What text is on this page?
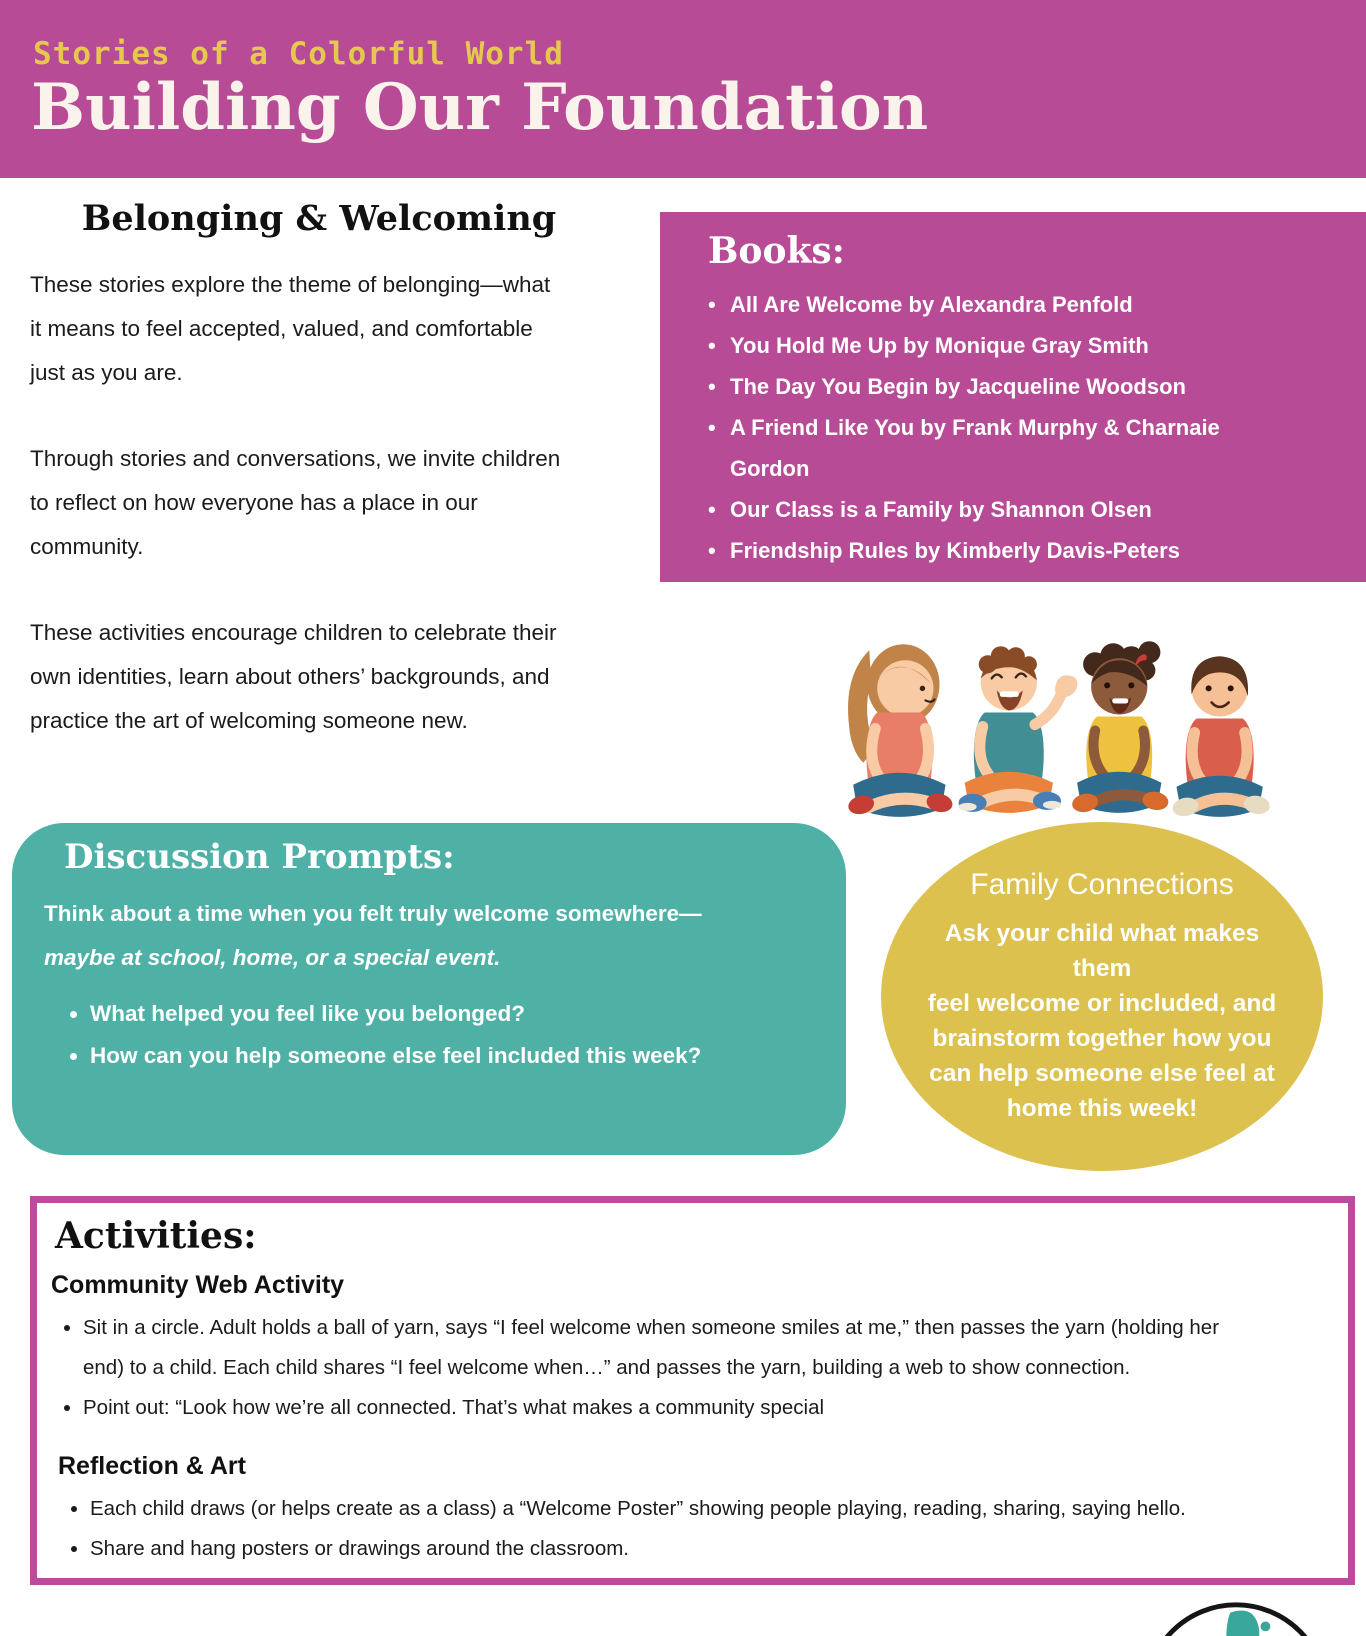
Stories of a Colorful World
Building Our Foundation
Belonging & Welcoming
These stories explore the theme of belonging—what
it means to feel accepted, valued, and comfortable
just as you are.
Through stories and conversations, we invite children
to reflect on how everyone has a place in our
community.
These activities encourage children to celebrate their
own identities, learn about others’ backgrounds, and
practice the art of welcoming someone new.
Books:
• All Are Welcome by Alexandra Penfold
• You Hold Me Up by Monique Gray Smith
• The Day You Begin by Jacqueline Woodson
• A Friend Like You by Frank Murphy & Charnaie Gordon
• Our Class is a Family by Shannon Olsen
• Friendship Rules by Kimberly Davis-Peters
Discussion Prompts:

Think about a time when you felt truly welcome somewhere—

maybe at school, home, or a special event.

• What helped you feel like you belonged?
• How can you help someone else feel included this week?
Family Connections

Ask your child what makes them
feel welcome or included, and
brainstorm together how you
can help someone else feel at
home this week!

Activities:
Community Web Activity
• Sit in a circle. Adult holds a ball of yarn, says “I feel welcome when someone smiles at me,” then passes the yarn (holding her
end) to a child. Each child shares “I feel welcome when…” and passes the yarn, building a web to show connection.
• Point out: “Look how we’re all connected. That’s what makes a community special
Reflection & Art
• Each child draws (or helps create as a class) a “Welcome Poster” showing people playing, reading, sharing, saying hello.
• Share and hang posters or drawings around the classroom.
